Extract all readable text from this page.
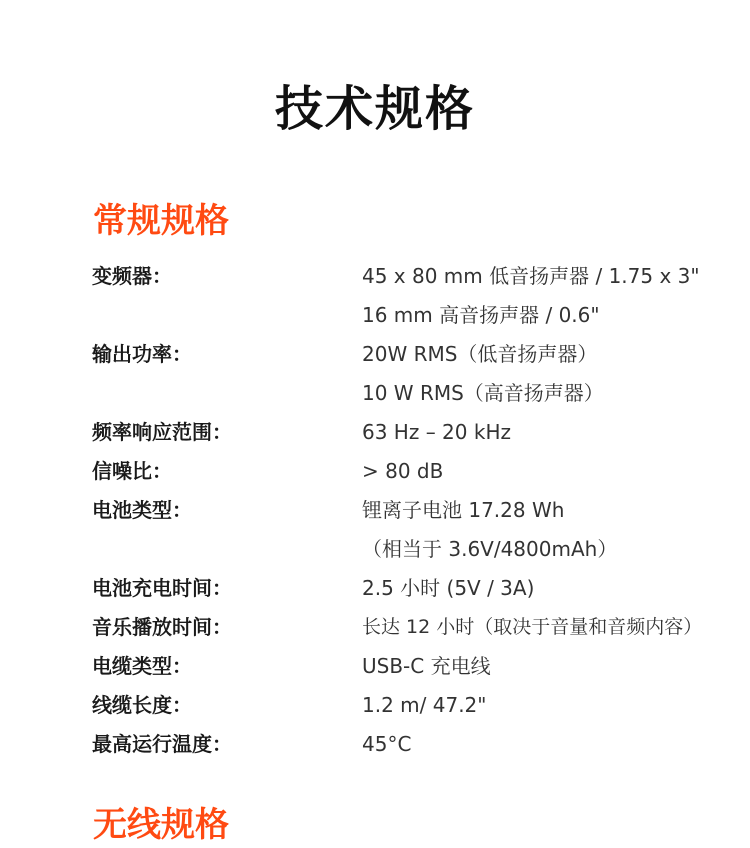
技术规格
常规规格
变频器：	45 x 80 mm 低音扬声器 / 1.75 x 3"
16 mm 高音扬声器 / 0.6"
输出功率：	20W RMS（低音扬声器）
10 W RMS（高音扬声器）
频率响应范围：	63 Hz – 20 kHz
信噪比：	> 80 dB
电池类型：	锂离子电池 17.28 Wh
（相当于 3.6V/4800mAh）
电池充电时间：	2.5 小时 (5V / 3A)
音乐播放时间：	长达 12 小时（取决于音量和音频内容）
电缆类型：	USB-C 充电线
线缆长度：	1.2 m/ 47.2"
最高运行温度：	45°C
无线规格
